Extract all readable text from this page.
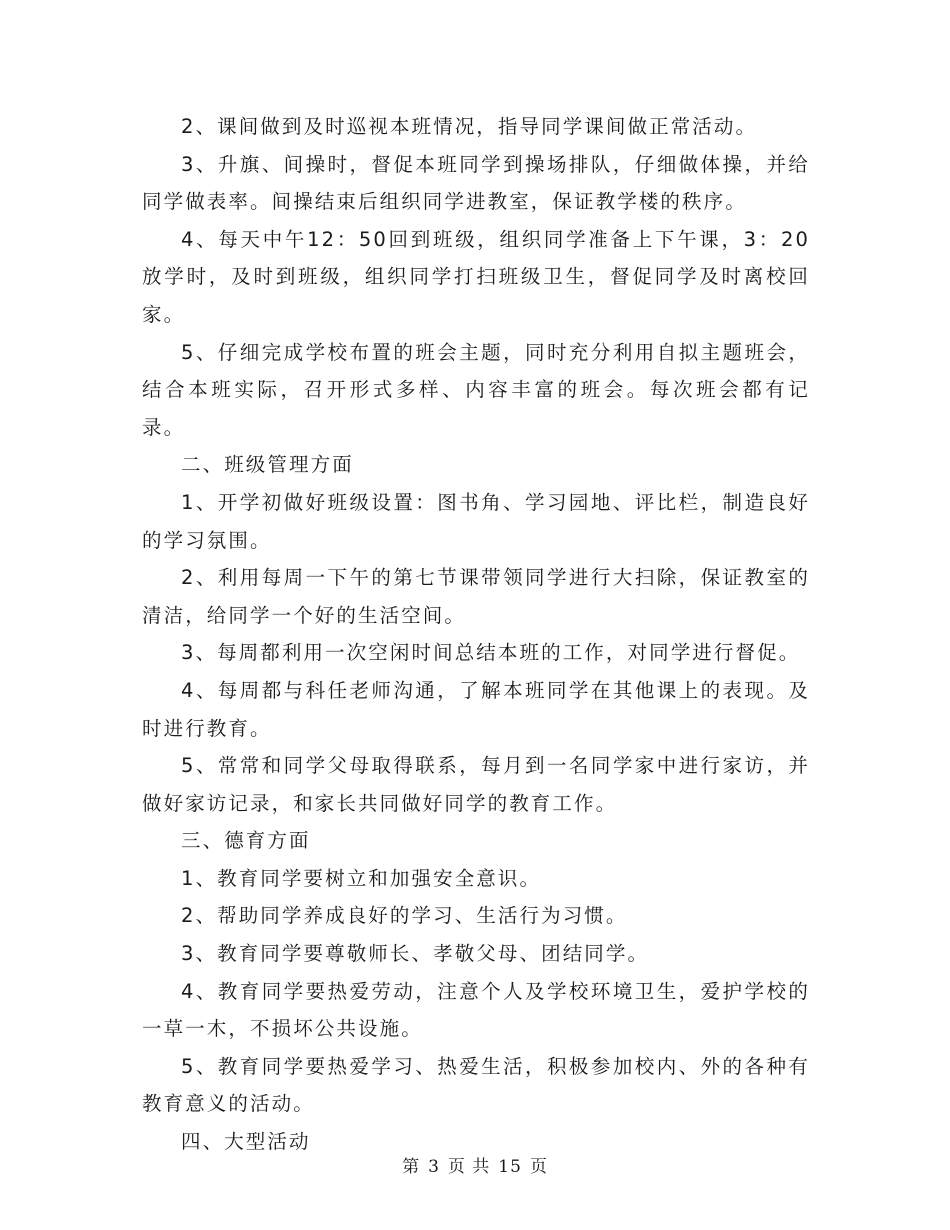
2、课间做到及时巡视本班情况，指导同学课间做正常活动。

3、升旗、间操时，督促本班同学到操场排队，仔细做体操，并给同学做表率。间操结束后组织同学进教室，保证教学楼的秩序。

4、每天中午12：50回到班级，组织同学准备上下午课，3：20放学时，及时到班级，组织同学打扫班级卫生，督促同学及时离校回家。

5、仔细完成学校布置的班会主题，同时充分利用自拟主题班会，结合本班实际，召开形式多样、内容丰富的班会。每次班会都有记录。

二、班级管理方面

1、开学初做好班级设置：图书角、学习园地、评比栏，制造良好的学习氛围。

2、利用每周一下午的第七节课带领同学进行大扫除，保证教室的清洁，给同学一个好的生活空间。

3、每周都利用一次空闲时间总结本班的工作，对同学进行督促。

4、每周都与科任老师沟通，了解本班同学在其他课上的表现。及时进行教育。

5、常常和同学父母取得联系，每月到一名同学家中进行家访，并做好家访记录，和家长共同做好同学的教育工作。

三、德育方面

1、教育同学要树立和加强安全意识。

2、帮助同学养成良好的学习、生活行为习惯。

3、教育同学要尊敬师长、孝敬父母、团结同学。

4、教育同学要热爱劳动，注意个人及学校环境卫生，爱护学校的一草一木，不损坏公共设施。

5、教育同学要热爱学习、热爱生活，积极参加校内、外的各种有教育意义的活动。

四、大型活动

第 3 页 共 15 页
